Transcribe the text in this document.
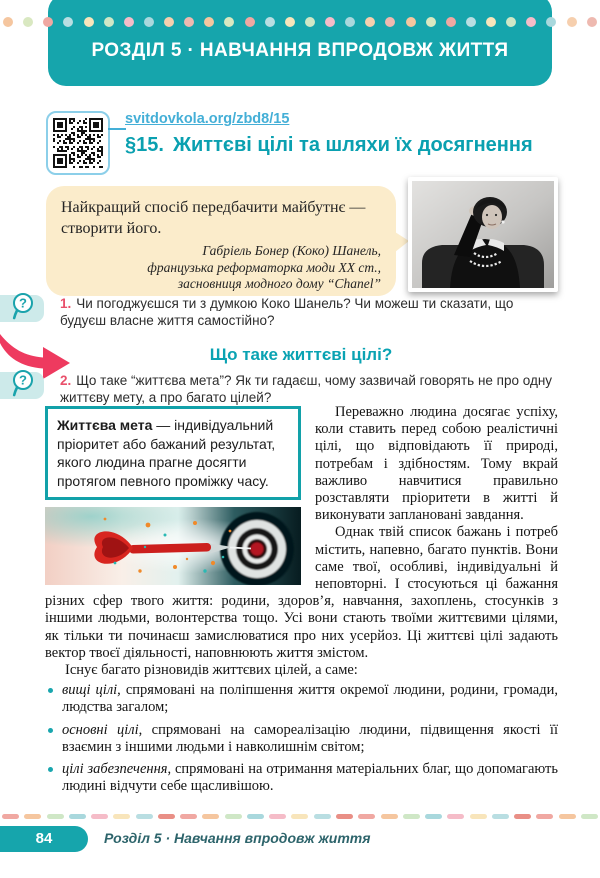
РОЗДІЛ 5 · НАВЧАННЯ ВПРОДОВЖ ЖИТТЯ
svitdovkola.org/zbd8/15
§15. Життєві цілі та шляхи їх досягнення
Найкращий спосіб передбачити майбутнє — створити його.
Габріель Бонер (Коко) Шанель,
французька реформаторка моди XX ст.,
засновниця модного дому “Chanel”
? 1. Чи погоджуєшся ти з думкою Коко Шанель? Чи можеш ти сказати, що будуєш власне життя самостійно?
Що таке життєві цілі?
? 2. Що таке “життєва мета”? Як ти гадаєш, чому зазвичай говорять не про одну життєву мету, а про багато цілей?
Життєва мета — індивідуальний пріоритет або бажаний результат, якого людина прагне досягти протягом певного проміжку часу.

Переважно людина досягає успіху, коли ставить перед собою реалістичні цілі, що відповідають її природі, потребам і здібностям. Тому вкрай важливо навчитися правильно розставляти пріоритети в житті й виконувати заплановані завдання.

Однак твій список бажань і потреб містить, напевно, багато пунктів. Вони саме твої, особливі, індивідуальні й неповторні. І стосуються ці бажання різних сфер твого життя: родини, здоров’я, навчання, захоплень, стосунків з іншими людьми, волонтерства тощо. Усі вони стають твоїми життєвими цілями, як тільки ти починаєш замислюватися про них усерйоз. Ці життєві цілі задають вектор твоєї діяльності, наповнюють життя змістом.

Існує багато різновидів життєвих цілей, а саме:

вищі цілі, спрямовані на поліпшення життя окремої людини, родини, громади, людства загалом;
основні цілі, спрямовані на самореалізацію людини, підвищення якості її взаємин з іншими людьми і навколишнім світом;
цілі забезпечення, спрямовані на отримання матеріальних благ, що допомагають людині відчути себе щасливішою.
84	Розділ 5 · Навчання впродовж життя
